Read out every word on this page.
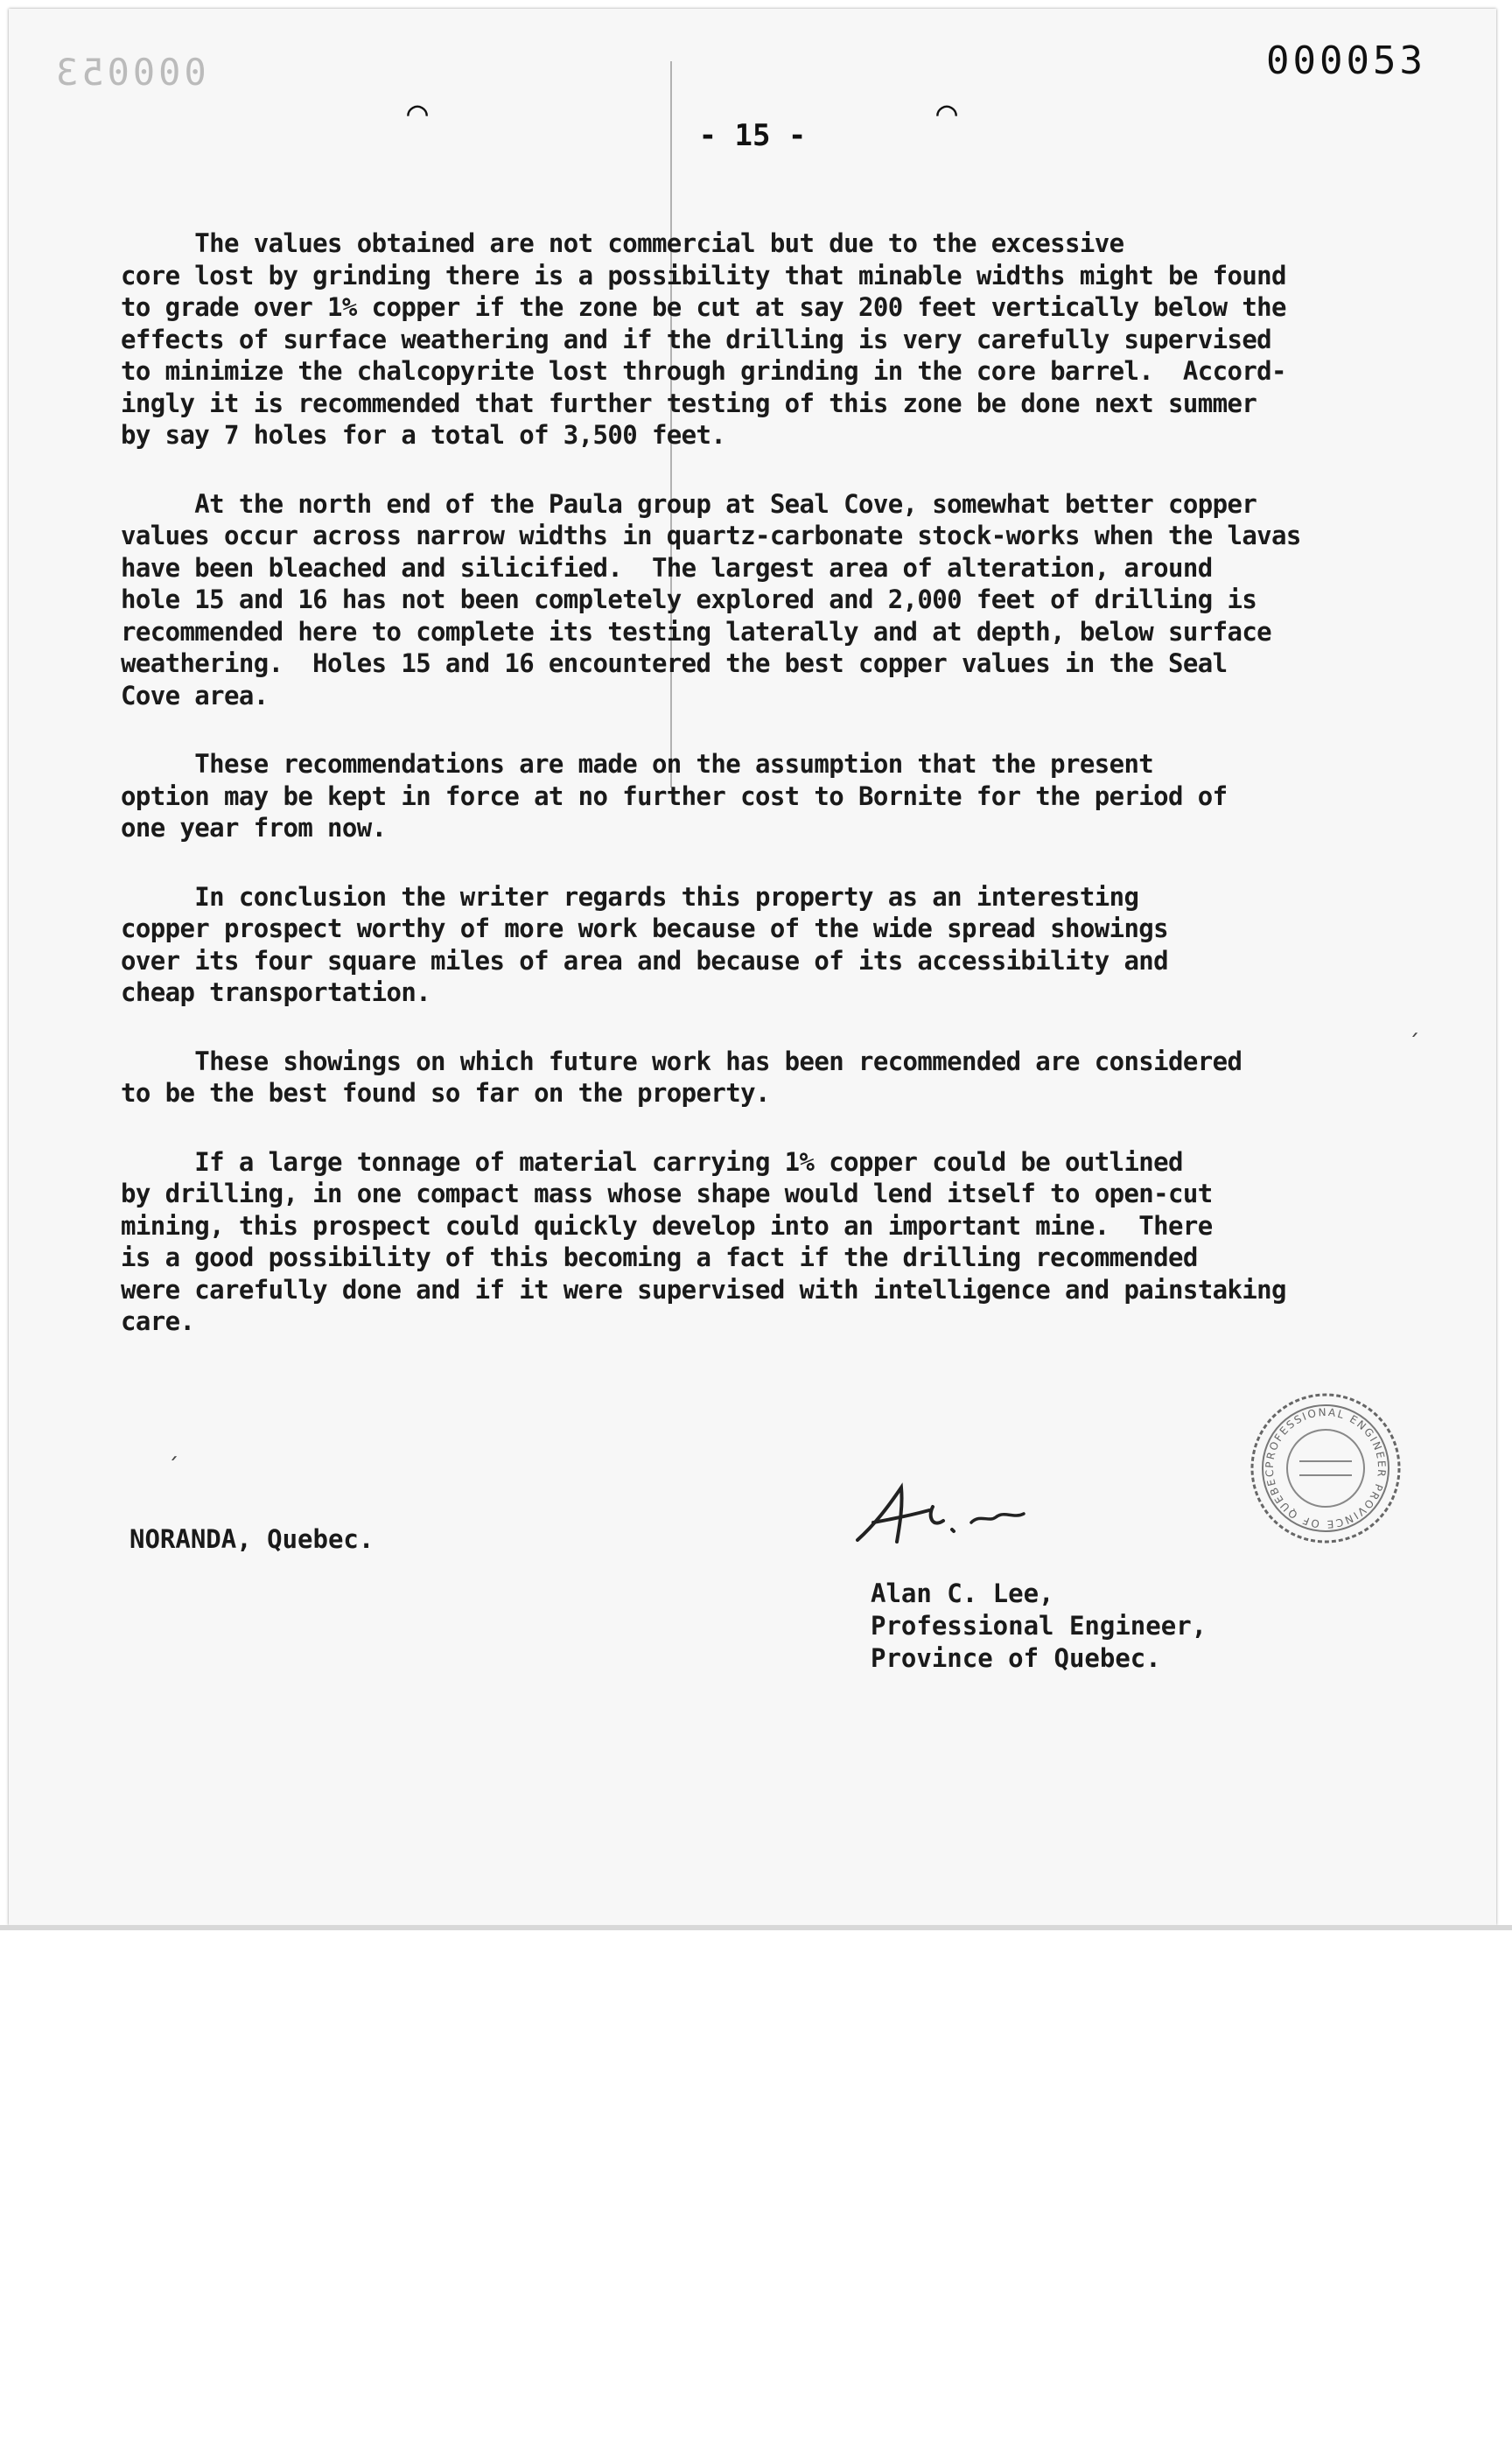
000053	000053
⌒	⌒
- 15 -

The values obtained are not commercial but due to the excessive
core lost by grinding there is a possibility that minable widths might be found
to grade over 1% copper if the zone be cut at say 200 feet vertically below the
effects of surface weathering and if the drilling is very carefully supervised
to minimize the chalcopyrite lost through grinding in the core barrel.  Accord-
ingly it is recommended that further testing of this zone be done next summer
by say 7 holes for a total of 3,500 feet.

At the north end of the Paula group at Seal Cove, somewhat better copper
values occur across narrow widths in quartz-carbonate stock-works when the lavas
have been bleached and silicified.  The largest area of alteration, around
hole 15 and 16 has not been completely explored and 2,000 feet of drilling is
recommended here to complete its testing laterally and at depth, below surface
weathering.  Holes 15 and 16 encountered the best copper values in the Seal
Cove area.

These recommendations are made on the assumption that the present
option may be kept in force at no further cost to Bornite for the period of
one year from now.

In conclusion the writer regards this property as an interesting
copper prospect worthy of more work because of the wide spread showings
over its four square miles of area and because of its accessibility and
cheap transportation.

These showings on which future work has been recommended are considered
to be the best found so far on the property.

If a large tonnage of material carrying 1% copper could be outlined
by drilling, in one compact mass whose shape would lend itself to open-cut
mining, this prospect could quickly develop into an important mine.  There
is a good possibility of this becoming a fact if the drilling recommended
were carefully done and if it were supervised with intelligence and painstaking
care.

´
´
NORANDA, Quebec.
Alan C. Lee,
Professional Engineer,
Province of Quebec.
PROFESSIONAL ENGINEER PROVINCE OF QUEBEC
